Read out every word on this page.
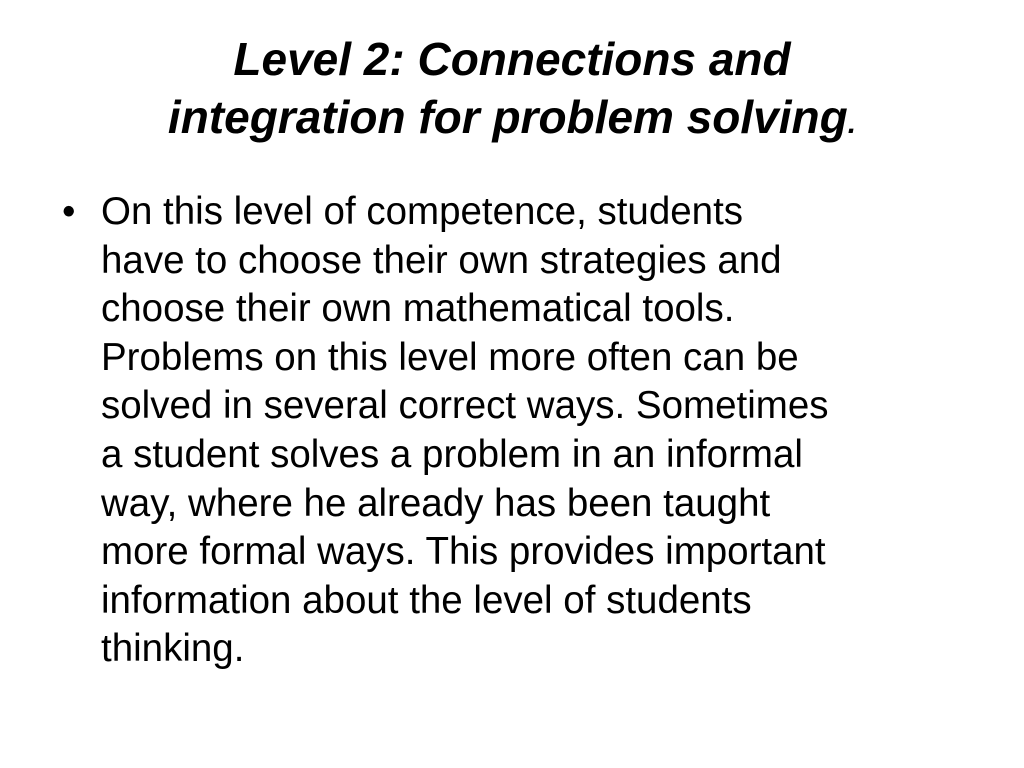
Level 2: Connections and
integration for problem solving.
• On this level of competence, students
have to choose their own strategies and
choose their own mathematical tools.
Problems on this level more often can be
solved in several correct ways. Sometimes
a student solves a problem in an informal
way, where he already has been taught
more formal ways. This provides important
information about the level of students
thinking.
